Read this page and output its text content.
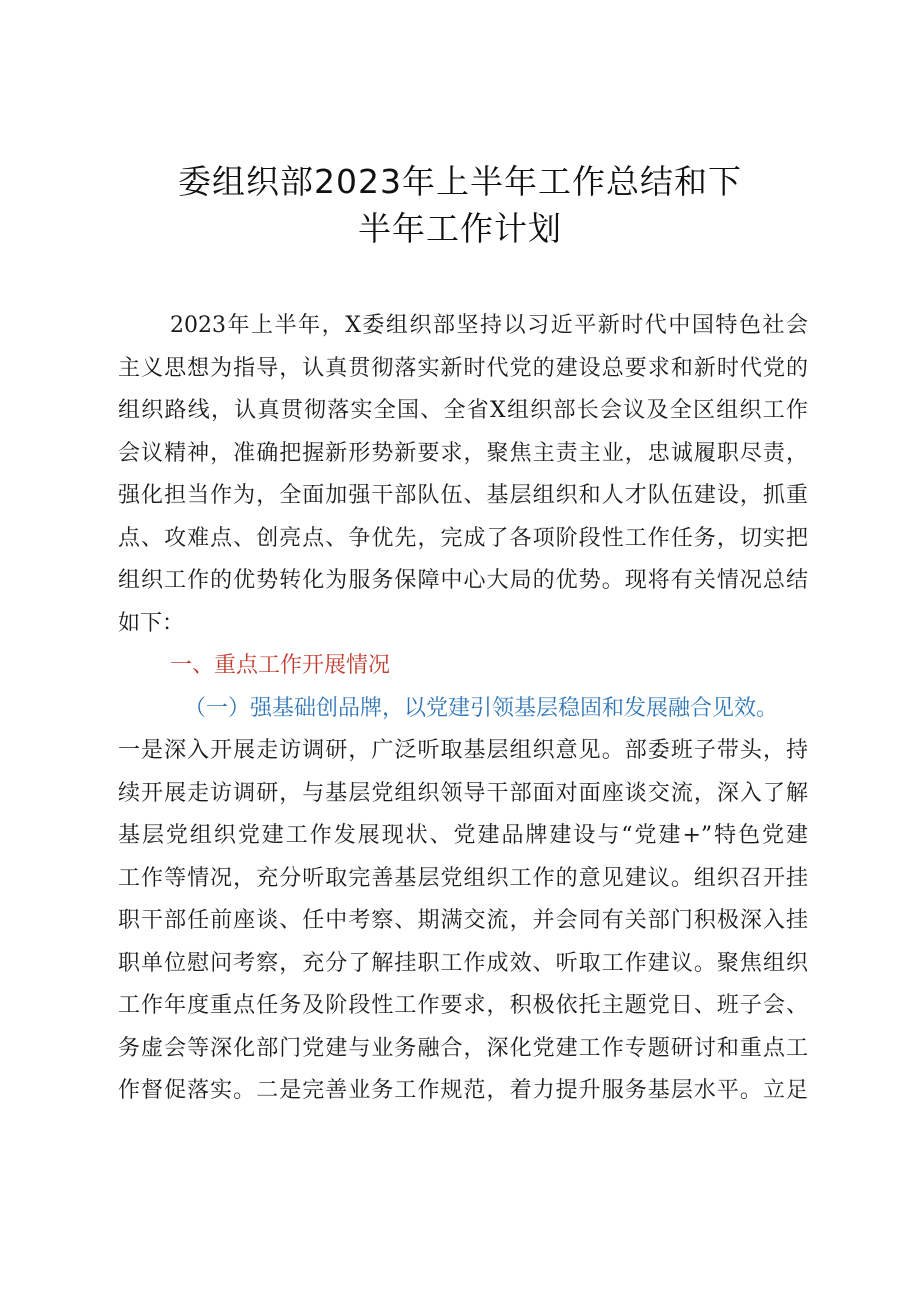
委组织部2023年上半年工作总结和下
半年工作计划
2023年上半年，X委组织部坚持以习近平新时代中国特色社会
主义思想为指导，认真贯彻落实新时代党的建设总要求和新时代党的
组织路线，认真贯彻落实全国、全省X组织部长会议及全区组织工作
会议精神，准确把握新形势新要求，聚焦主责主业，忠诚履职尽责，
强化担当作为，全面加强干部队伍、基层组织和人才队伍建设，抓重
点、攻难点、创亮点、争优先，完成了各项阶段性工作任务，切实把
组织工作的优势转化为服务保障中心大局的优势。现将有关情况总结
如下：
一、重点工作开展情况
（一）强基础创品牌，以党建引领基层稳固和发展融合见效。
一是深入开展走访调研，广泛听取基层组织意见。部委班子带头，持
续开展走访调研，与基层党组织领导干部面对面座谈交流，深入了解
基层党组织党建工作发展现状、党建品牌建设与“党建+”特色党建
工作等情况，充分听取完善基层党组织工作的意见建议。组织召开挂
职干部任前座谈、任中考察、期满交流，并会同有关部门积极深入挂
职单位慰问考察，充分了解挂职工作成效、听取工作建议。聚焦组织
工作年度重点任务及阶段性工作要求，积极依托主题党日、班子会、
务虚会等深化部门党建与业务融合，深化党建工作专题研讨和重点工
作督促落实。二是完善业务工作规范，着力提升服务基层水平。立足
